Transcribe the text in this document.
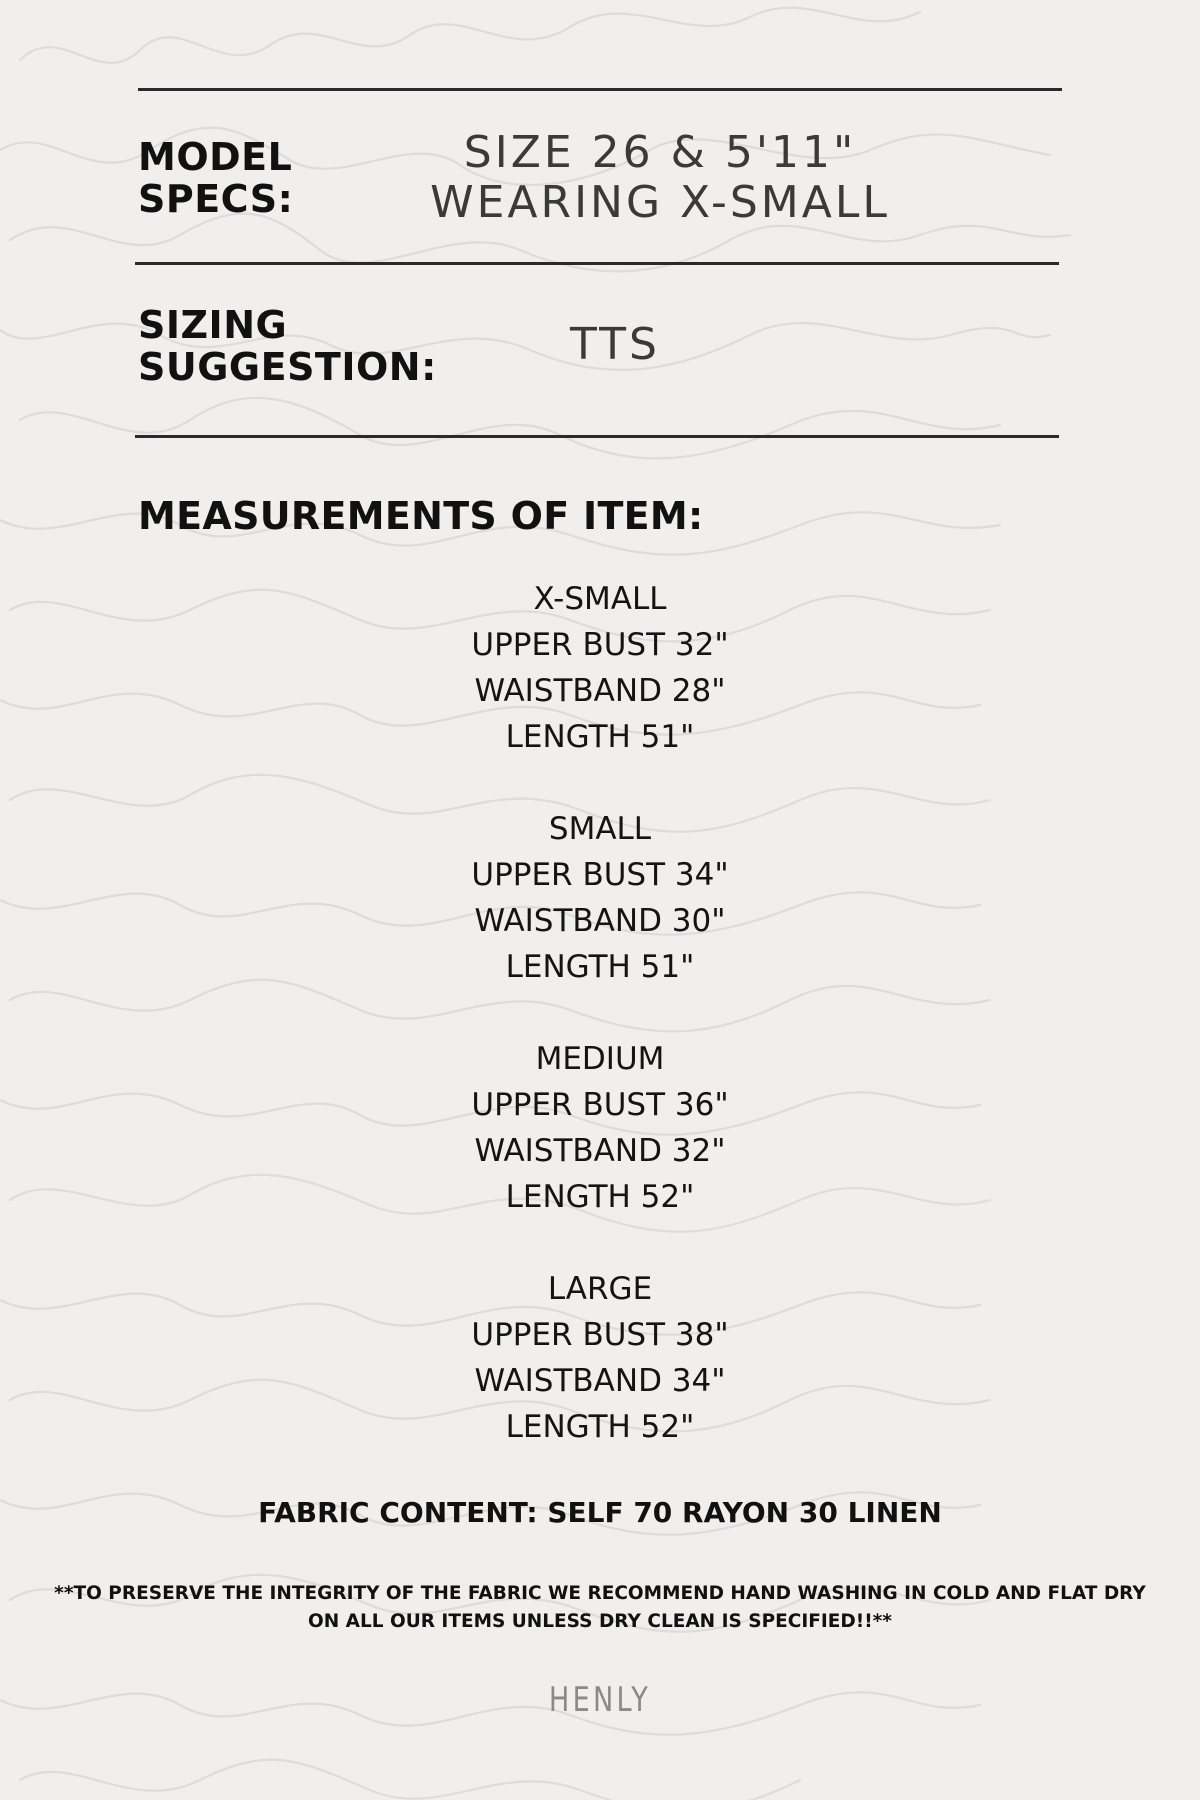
MODEL
SPECS:
SIZE 26 & 5'11"
WEARING X-SMALL
SIZING
SUGGESTION:	TTS
MEASUREMENTS OF ITEM:
X-SMALL
UPPER BUST 32"
WAISTBAND 28"
LENGTH 51"
SMALL
UPPER BUST 34"
WAISTBAND 30"
LENGTH 51"
MEDIUM
UPPER BUST 36"
WAISTBAND 32"
LENGTH 52"
LARGE
UPPER BUST 38"
WAISTBAND 34"
LENGTH 52"
FABRIC CONTENT: SELF 70 RAYON 30 LINEN
**TO PRESERVE THE INTEGRITY OF THE FABRIC WE RECOMMEND HAND WASHING IN COLD AND FLAT DRY ON ALL OUR ITEMS UNLESS DRY CLEAN IS SPECIFIED!!**
HENLY
